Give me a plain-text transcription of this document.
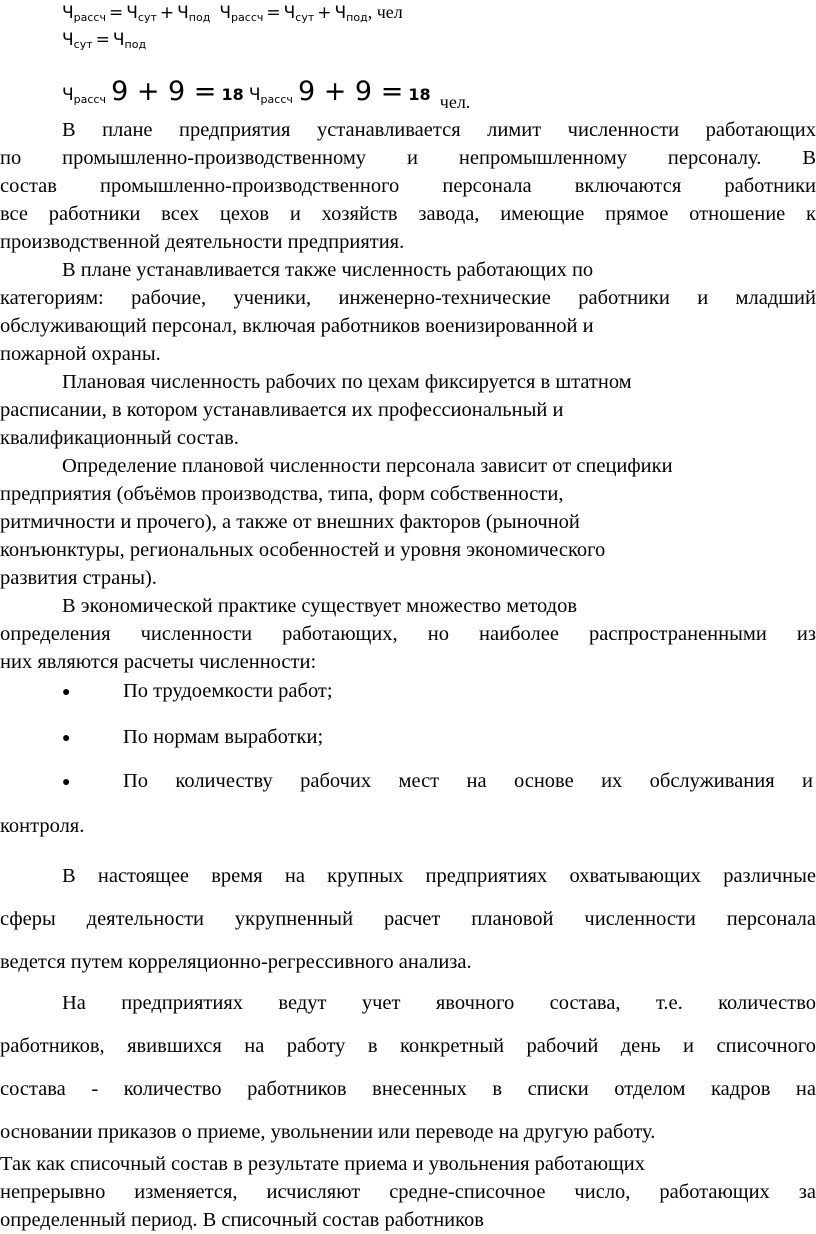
Чрассч = Чсут + Чпод Чрассч = Чсут + Чпод, чел
Чсут = Чпод
Чрассч 9 + 9 = 18 Чрассч 9 + 9 = 18 чел.
В плане предприятия устанавливается лимит численности работающих
по промышленно-производственному и непромышленному персоналу. В
состав промышленно-производственного персонала включаются работники
все работники всех цехов и хозяйств завода, имеющие прямое отношение к
производственной деятельности предприятия.
В плане устанавливается также численность работающих по
категориям: рабочие, ученики, инженерно-технические работники и младший
обслуживающий персонал, включая работников военизированной и
пожарной охраны.
Плановая численность рабочих по цехам фиксируется в штатном
расписании, в котором устанавливается их профессиональный и
квалификационный состав.
Определение плановой численности персонала зависит от специфики
предприятия (объёмов производства, типа, форм собственности,
ритмичности и прочего), а также от внешних факторов (рыночной
конъюнктуры, региональных особенностей и уровня экономического
развития страны).
В экономической практике существует множество методов
определения численности работающих, но наиболее распространенными из
них являются расчеты численности:
●	По трудоемкости работ;
●	По нормам выработки;
●	По количеству рабочих мест на основе их обслуживания и
контроля.
В настоящее время на крупных предприятиях охватывающих различные
сферы деятельности укрупненный расчет плановой численности персонала
ведется путем корреляционно-регрессивного анализа.
На предприятиях ведут учет явочного состава, т.е. количество
работников, явившихся на работу в конкретный рабочий день и списочного
состава - количество работников внесенных в списки отделом кадров на
основании приказов о приеме, увольнении или переводе на другую работу.
Так как списочный состав в результате приема и увольнения работающих
непрерывно изменяется, исчисляют средне-списочное число, работающих за
определенный период. В списочный состав работников
